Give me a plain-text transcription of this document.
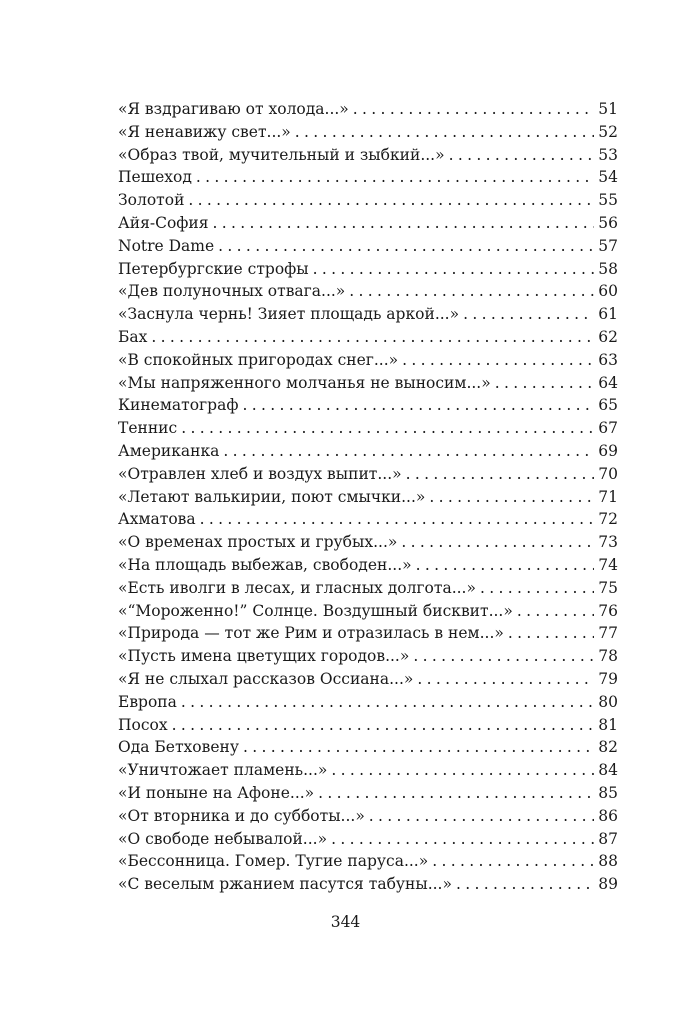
«Я вздрагиваю от холода...» . . .	51
«Я ненавижу свет...» . . .	52
«Образ твой, мучительный и зыбкий...» . . .	53
Пешеход . . .	54
Золотой . . .	55
Айя-София . . .	56
Notre Dame . . .	57
Петербургские строфы . . .	58
«Дев полуночных отвага...» . . .	60
«Заснула чернь! Зияет площадь аркой...» . . .	61
Бах . . .	62
«В спокойных пригородах снег...» . . .	63
«Мы напряженного молчанья не выносим...» . . .	64
Кинематограф . . .	65
Теннис . . .	67
Американка . . .	69
«Отравлен хлеб и воздух выпит...» . . .	70
«Летают валькирии, поют смычки...» . . .	71
Ахматова . . .	72
«О временах простых и грубых...» . . .	73
«На площадь выбежав, свободен...» . . .	74
«Есть иволги в лесах, и гласных долгота...» . . .	75
«“Мороженно!” Солнце. Воздушный бисквит...» . . .	76
«Природа — тот же Рим и отразилась в нем...» . . .	77
«Пусть имена цветущих городов...» . . .	78
«Я не слыхал рассказов Оссиана...» . . .	79
Европа . . .	80
Посох . . .	81
Ода Бетховену . . .	82
«Уничтожает пламень...» . . .	84
«И поныне на Афоне...» . . .	85
«От вторника и до субботы...» . . .	86
«О свободе небывалой...» . . .	87
«Бессонница. Гомер. Тугие паруса...» . . .	88
«С веселым ржанием пасутся табуны...» . . .	89
344
